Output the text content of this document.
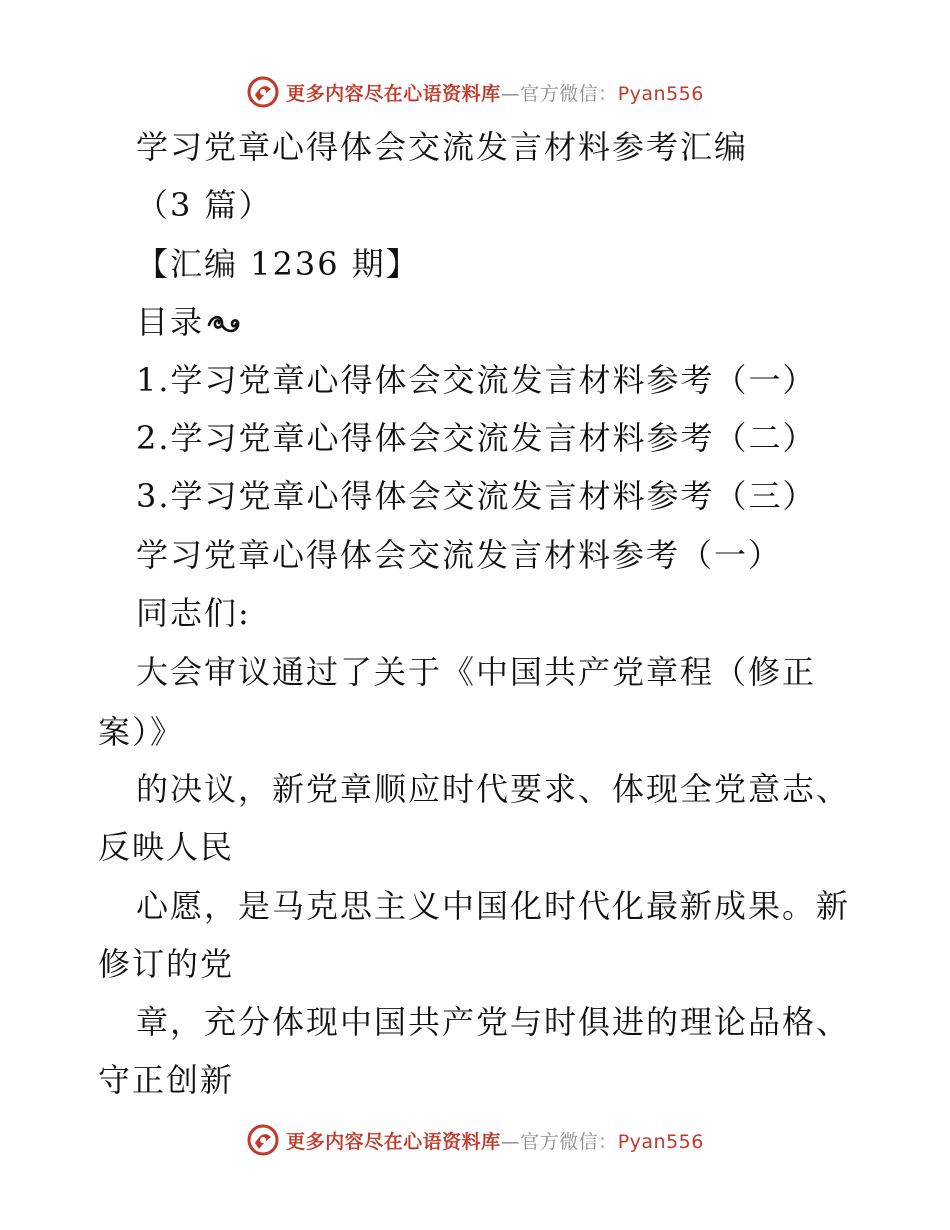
更多内容尽在心语资料库—官方微信：Pyan556
学习党章心得体会交流发言材料参考汇编
（3 篇）
【汇编 1236 期】
目录
1.学习党章心得体会交流发言材料参考（一）
2.学习党章心得体会交流发言材料参考（二）
3.学习党章心得体会交流发言材料参考（三）
学习党章心得体会交流发言材料参考（一）
同志们:
大会审议通过了关于《中国共产党章程（修正
案）》
的决议，新党章顺应时代要求、体现全党意志、
反映人民
心愿，是马克思主义中国化时代化最新成果。新
修订的党
章，充分体现中国共产党与时俱进的理论品格、
守正创新
更多内容尽在心语资料库—官方微信：Pyan556
